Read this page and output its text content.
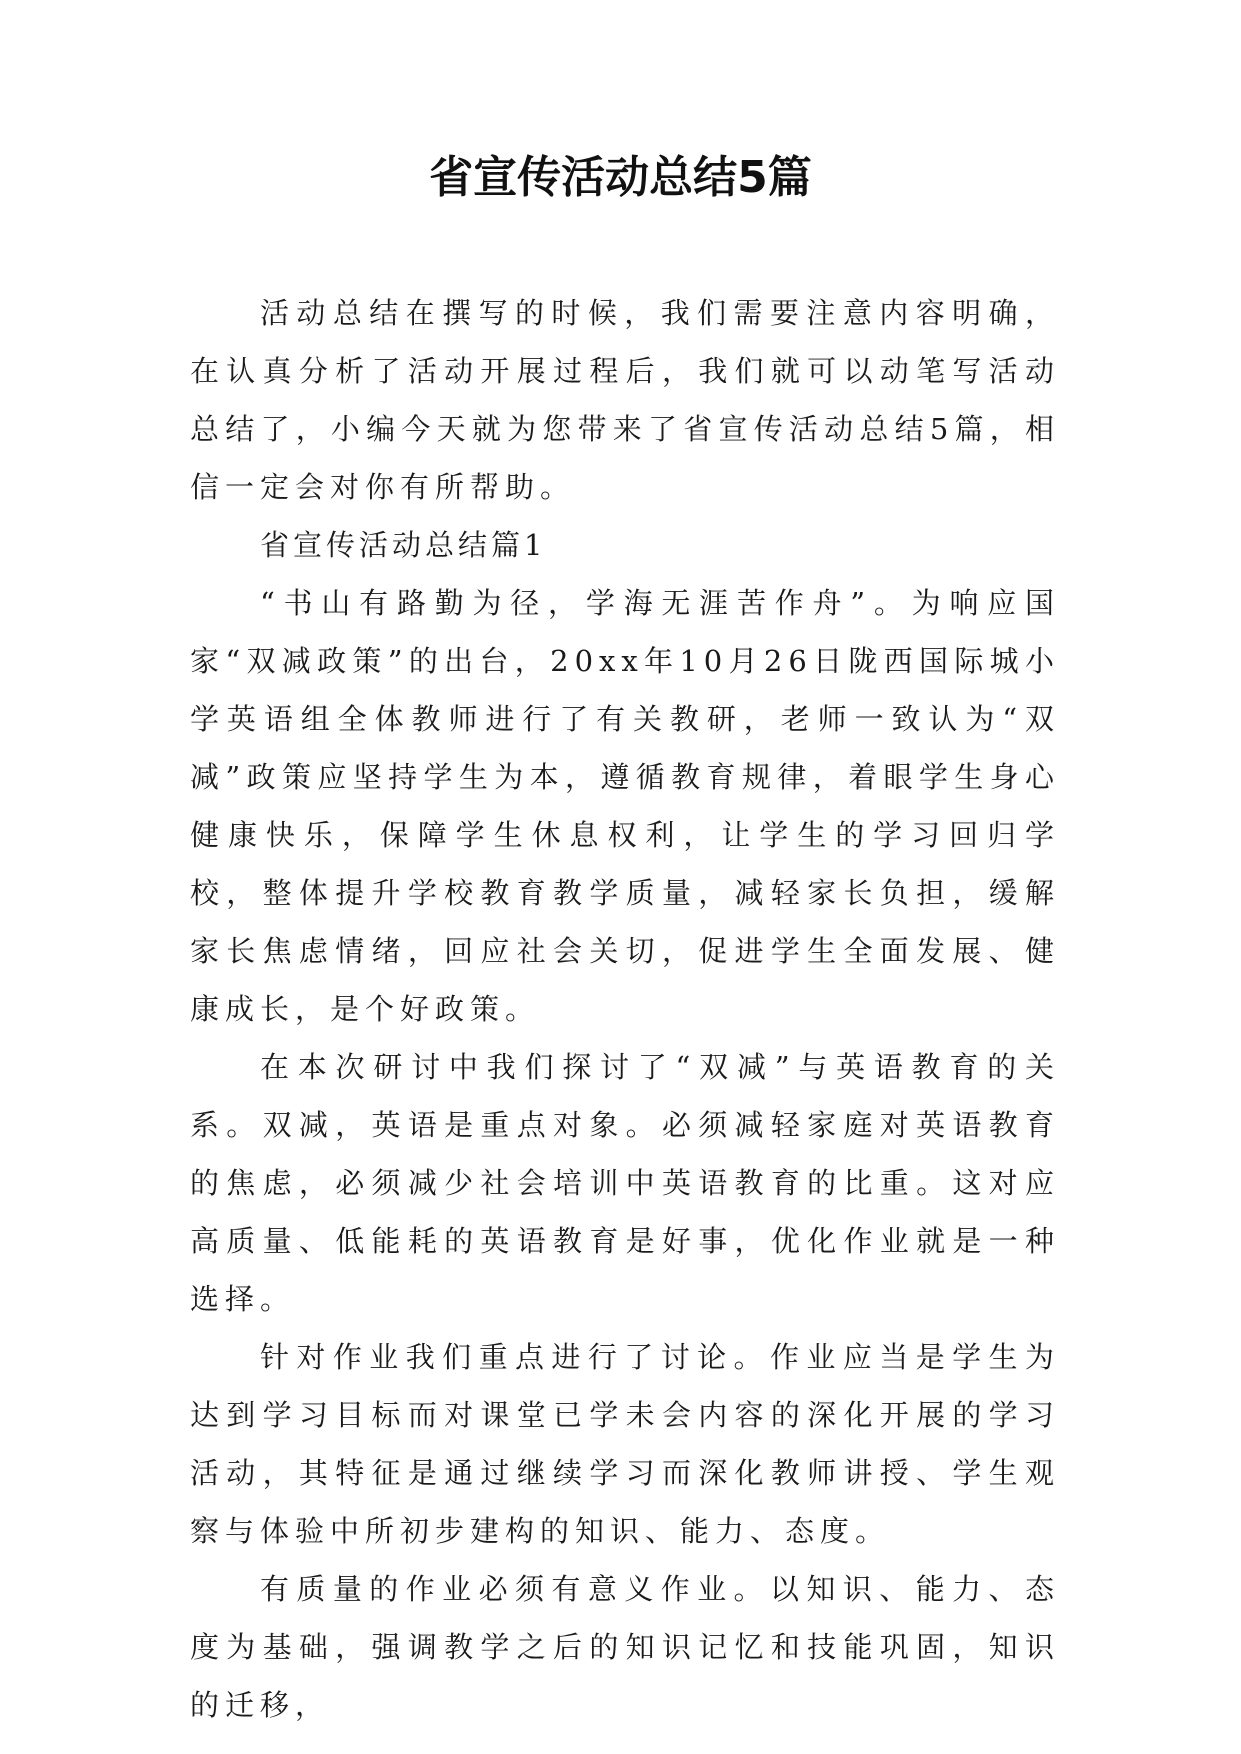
省宣传活动总结5篇

活动总结在撰写的时候，我们需要注意内容明确，在认真分析了活动开展过程后，我们就可以动笔写活动总结了，小编今天就为您带来了省宣传活动总结5篇，相信一定会对你有所帮助。

省宣传活动总结篇1

“书山有路勤为径，学海无涯苦作舟”。为响应国家“双减政策”的出台，20xx年10月26日陇西国际城小学英语组全体教师进行了有关教研，老师一致认为“双减”政策应坚持学生为本，遵循教育规律，着眼学生身心健康快乐，保障学生休息权利，让学生的学习回归学校，整体提升学校教育教学质量，减轻家长负担，缓解家长焦虑情绪，回应社会关切，促进学生全面发展、健康成长，是个好政策。

在本次研讨中我们探讨了“双减”与英语教育的关系。双减，英语是重点对象。必须减轻家庭对英语教育的焦虑，必须减少社会培训中英语教育的比重。这对应高质量、低能耗的英语教育是好事，优化作业就是一种选择。

针对作业我们重点进行了讨论。作业应当是学生为达到学习目标而对课堂已学未会内容的深化开展的学习活动，其特征是通过继续学习而深化教师讲授、学生观察与体验中所初步建构的知识、能力、态度。

有质量的作业必须有意义作业。以知识、能力、态度为基础，强调教学之后的知识记忆和技能巩固，知识的迁移，
